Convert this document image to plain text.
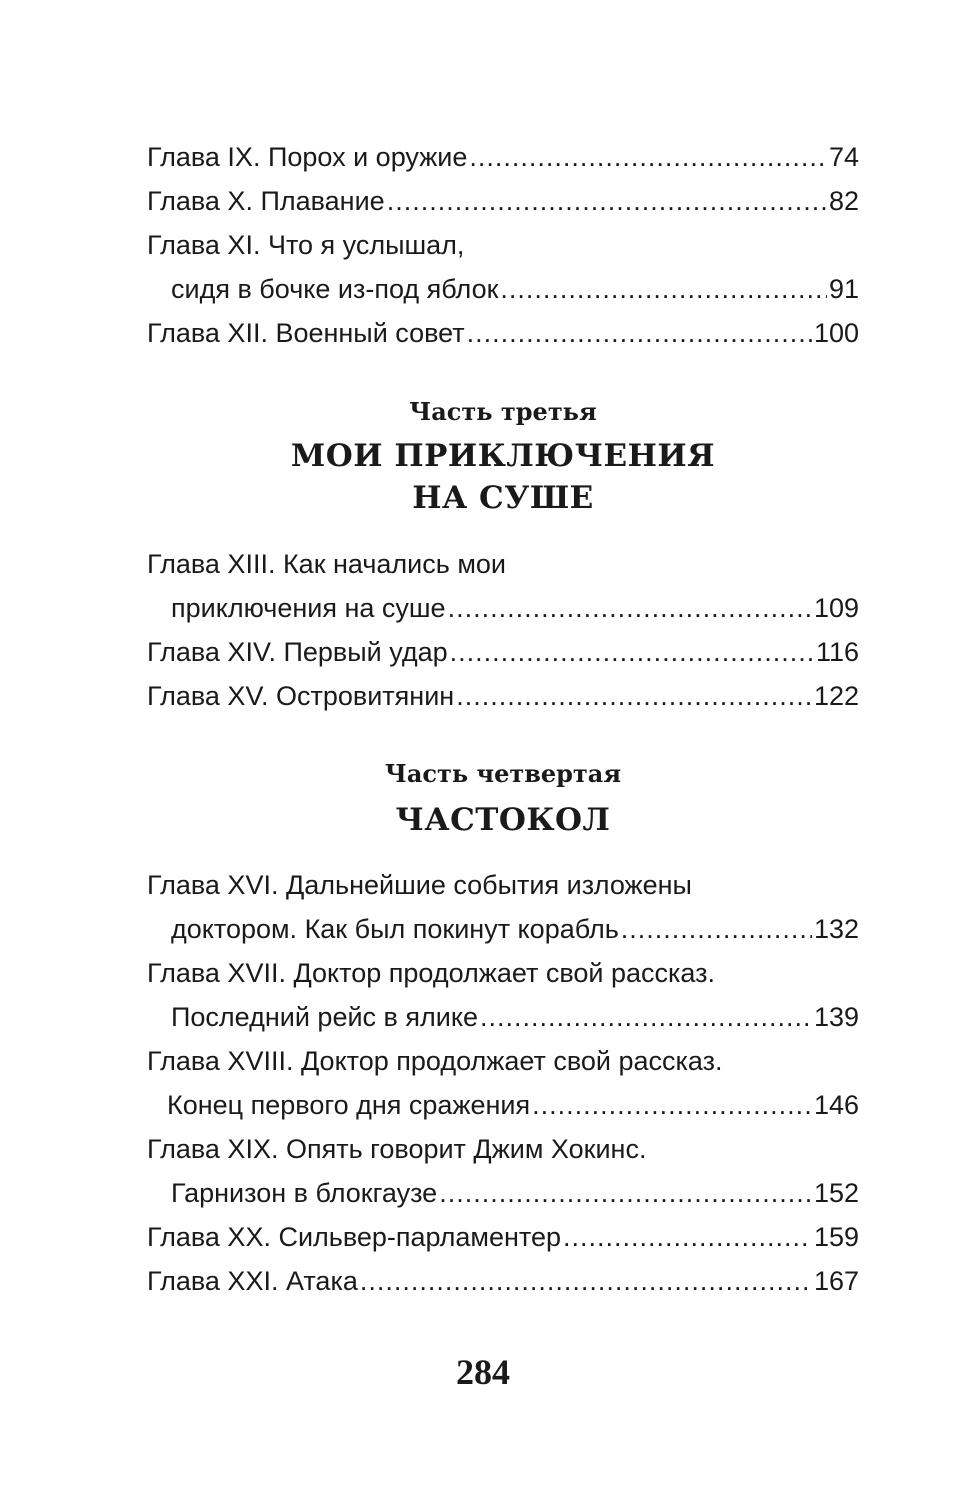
Глава IX. Порох и оружие .....	74
Глава X. Плавание .....	82
Глава XI. Что я услышал,
сидя в бочке из-под яблок .....	91
Глава XII. Военный совет .....	100
Часть третья
МОИ ПРИКЛЮЧЕНИЯ
НА СУШЕ
Глава XIII. Как начались мои
приключения на суше .....	109
Глава XIV. Первый удар .....	116
Глава XV. Островитянин .....	122
Часть четвертая
ЧАСТОКОЛ
Глава XVI. Дальнейшие события изложены
доктором. Как был покинут корабль .....	132
Глава XVII. Доктор продолжает свой рассказ.
Последний рейс в ялике .....	139
Глава XVIII. Доктор продолжает свой рассказ.
Конец первого дня сражения .....	146
Глава XIX. Опять говорит Джим Хокинс.
Гарнизон в блокгаузе .....	152
Глава XX. Сильвер-парламентер .....	159
Глава XXI. Атака .....	167
284
